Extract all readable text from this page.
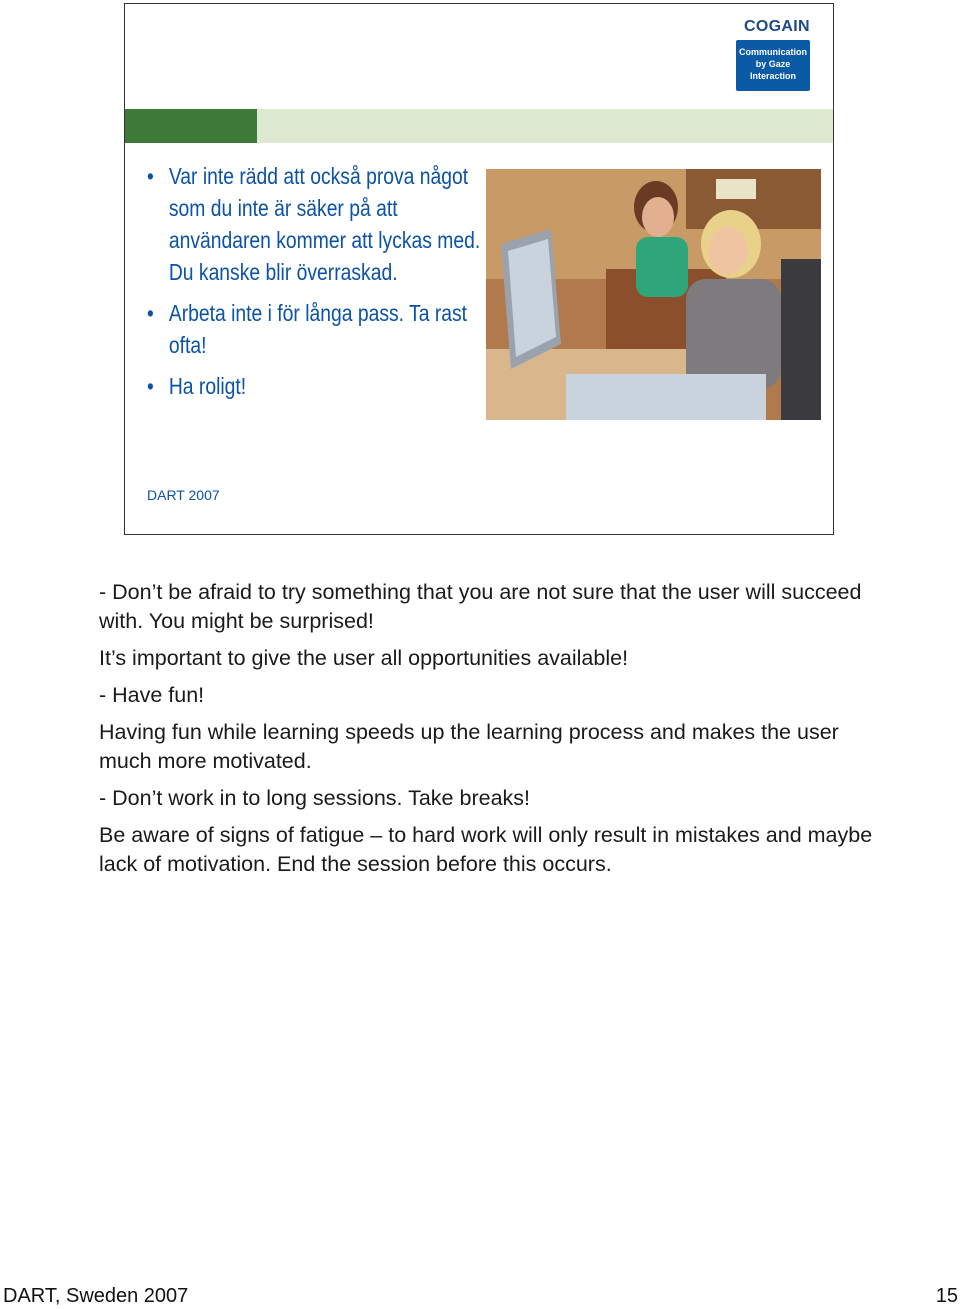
COGAIN
Communication
by Gaze
Interaction
• Var inte rädd att också prova något som du inte är säker på att användaren kommer att lyckas med. Du kanske blir överraskad.
• Arbeta inte i för långa pass. Ta rast ofta!
• Ha roligt!
DART 2007

- Don’t be afraid to try something that you are not sure that the user will succeed with. You might be surprised!

It’s important to give the user all opportunities available!

- Have fun!

Having fun while learning speeds up the learning process and makes the user much more motivated.

- Don’t work in to long sessions. Take breaks!

Be aware of signs of fatigue – to hard work will only result in mistakes and maybe lack of motivation. End the session before this occurs.

DART, Sweden 2007	15
